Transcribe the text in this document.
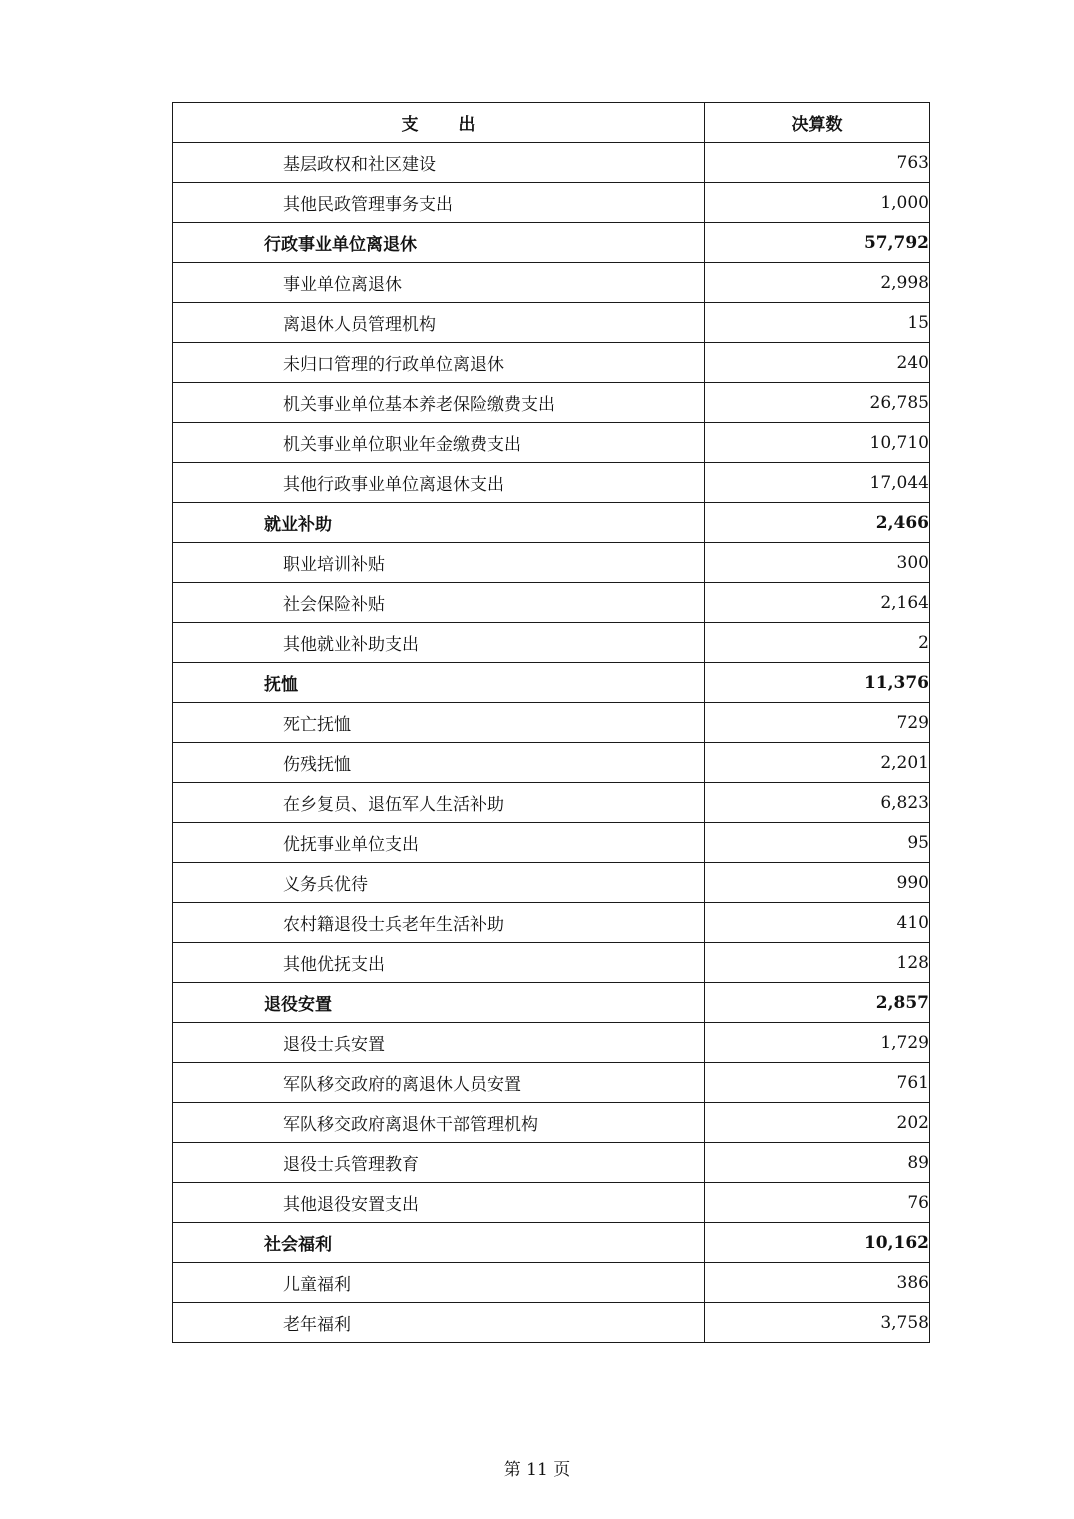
支 出	决算数
基层政权和社区建设	763
其他民政管理事务支出	1,000
行政事业单位离退休	57,792
事业单位离退休	2,998
离退休人员管理机构	15
未归口管理的行政单位离退休	240
机关事业单位基本养老保险缴费支出	26,785
机关事业单位职业年金缴费支出	10,710
其他行政事业单位离退休支出	17,044
就业补助	2,466
职业培训补贴	300
社会保险补贴	2,164
其他就业补助支出	2
抚恤	11,376
死亡抚恤	729
伤残抚恤	2,201
在乡复员、退伍军人生活补助	6,823
优抚事业单位支出	95
义务兵优待	990
农村籍退役士兵老年生活补助	410
其他优抚支出	128
退役安置	2,857
退役士兵安置	1,729
军队移交政府的离退休人员安置	761
军队移交政府离退休干部管理机构	202
退役士兵管理教育	89
其他退役安置支出	76
社会福利	10,162
儿童福利	386
老年福利	3,758
第 11 页
